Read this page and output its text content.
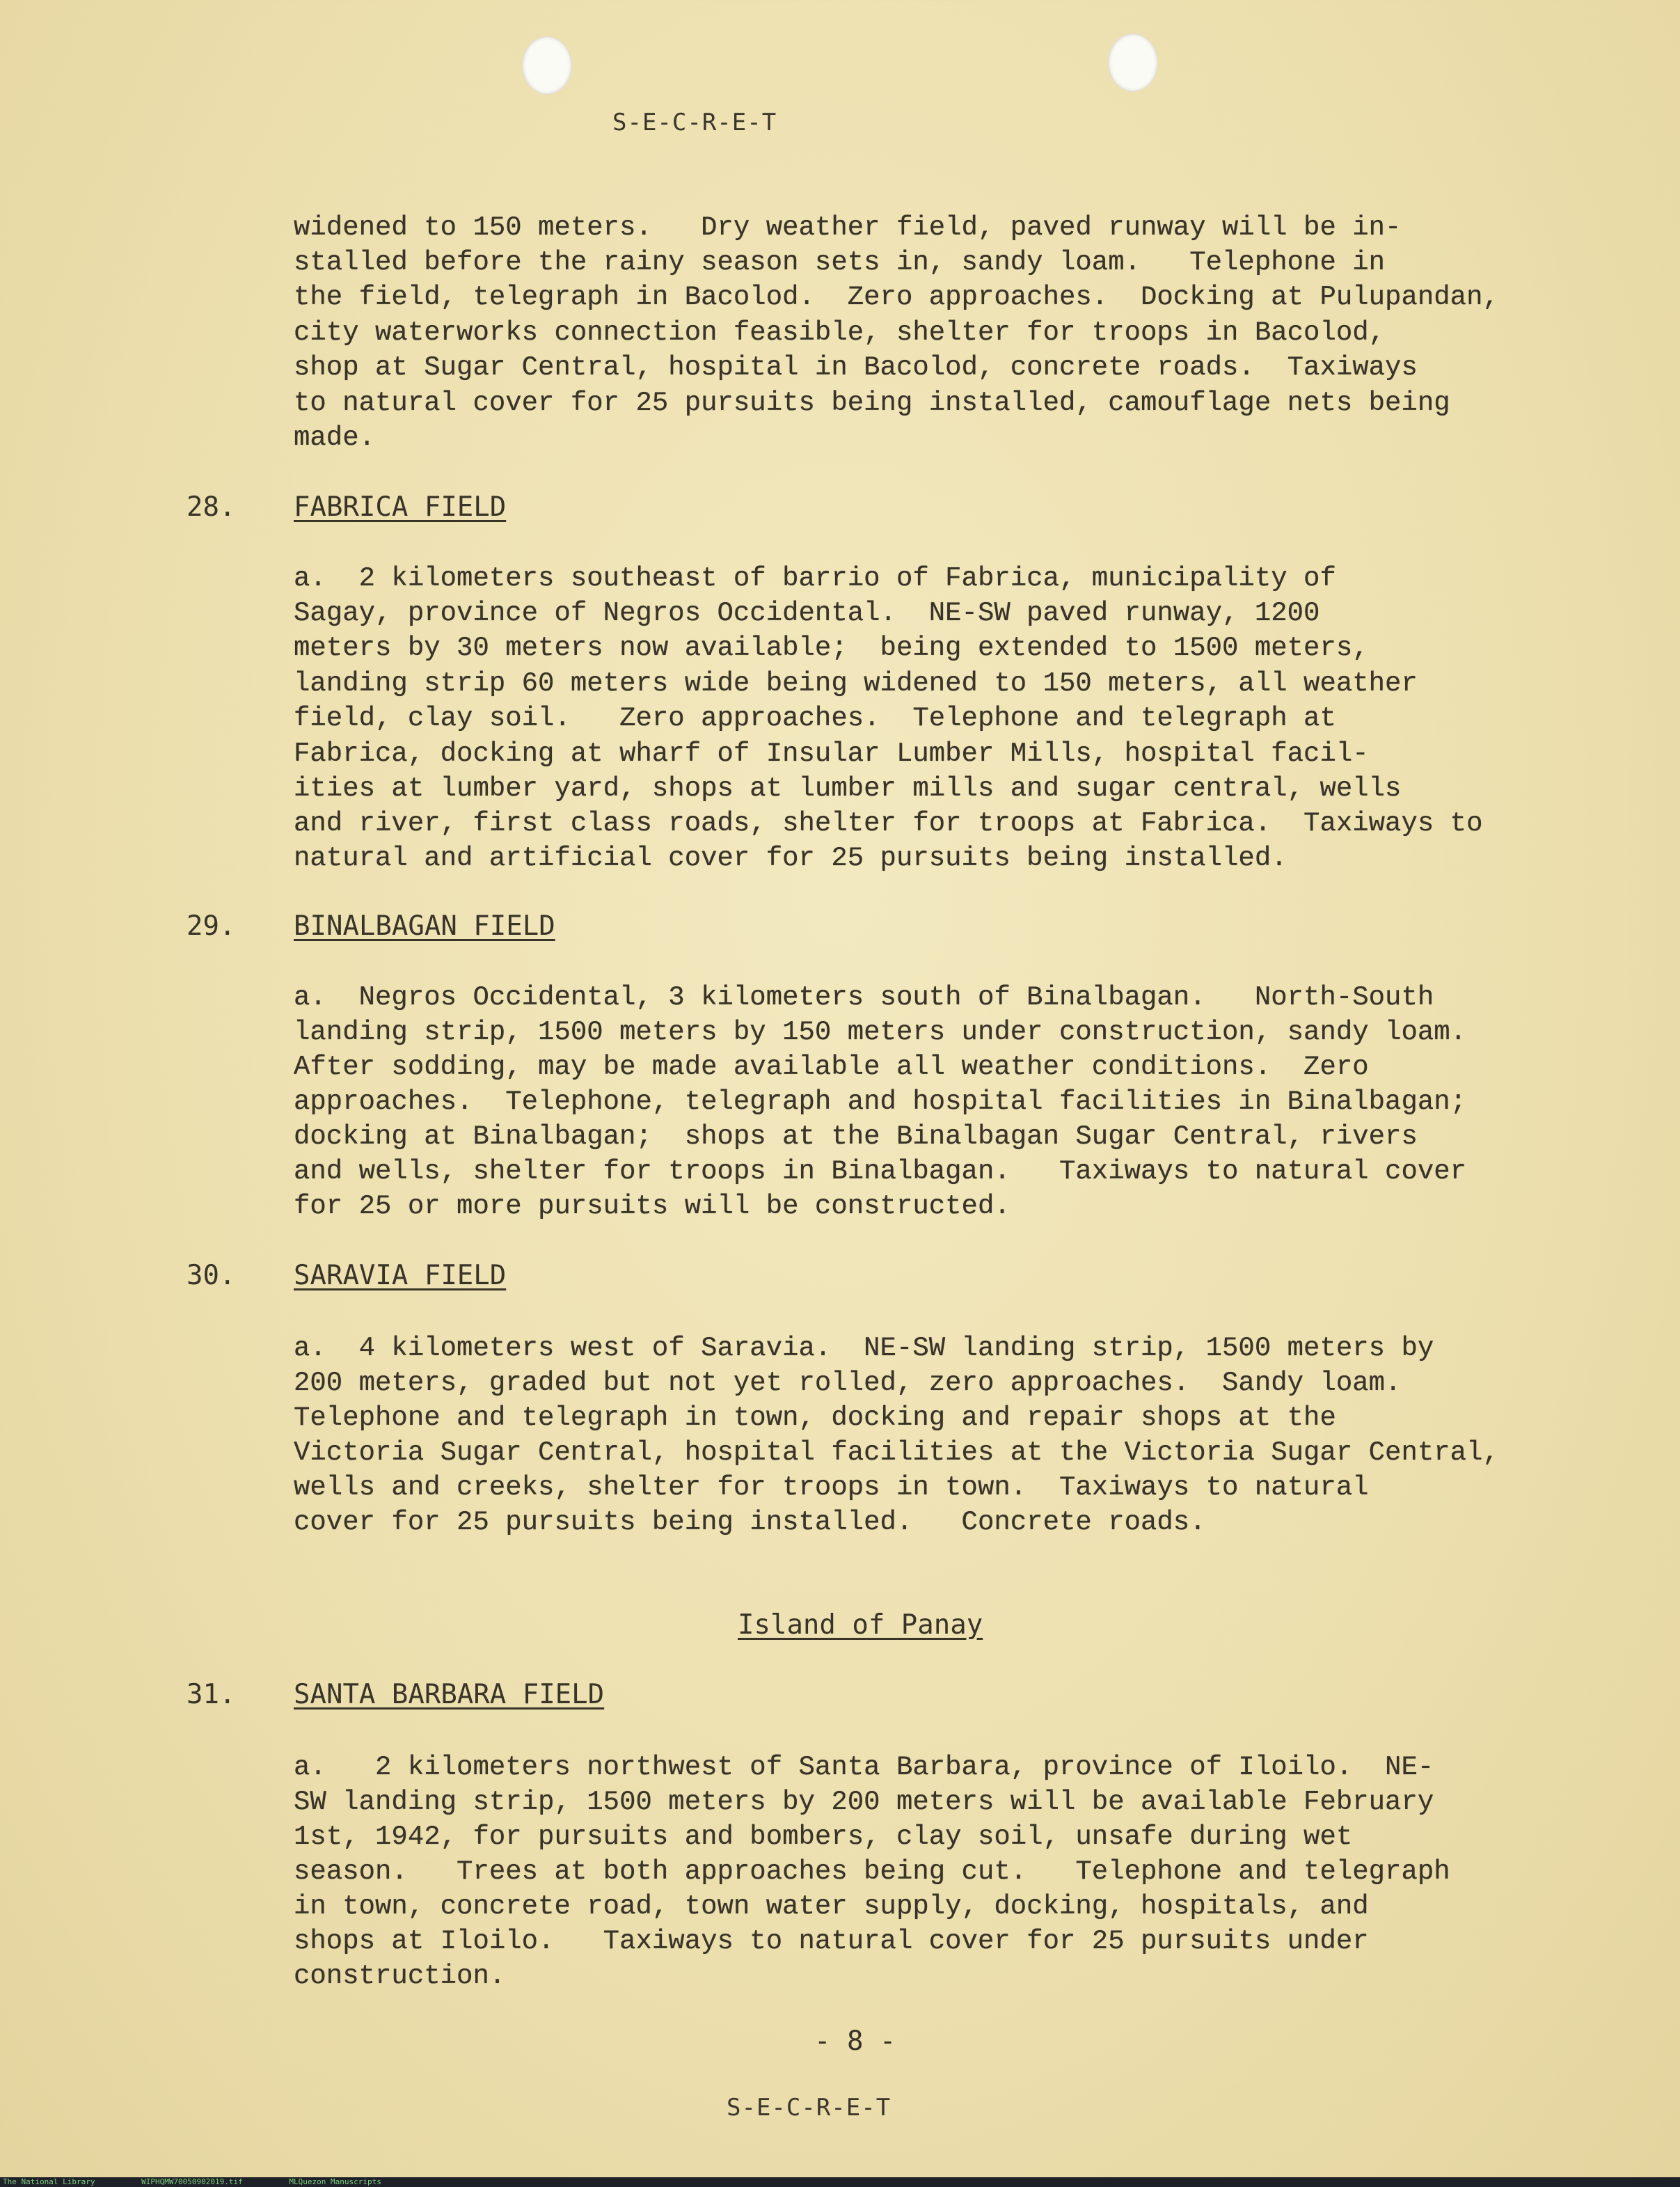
S-E-C-R-E-T
widened to 150 meters.   Dry weather field, paved runway will be in-
stalled before the rainy season sets in, sandy loam.   Telephone in
the field, telegraph in Bacolod.  Zero approaches.  Docking at Pulupandan,
city waterworks connection feasible, shelter for troops in Bacolod,
shop at Sugar Central, hospital in Bacolod, concrete roads.  Taxiways
to natural cover for 25 pursuits being installed, camouflage nets being
made.
28. FABRICA FIELD
a.  2 kilometers southeast of barrio of Fabrica, municipality of
Sagay, province of Negros Occidental.  NE-SW paved runway, 1200
meters by 30 meters now available;  being extended to 1500 meters,
landing strip 60 meters wide being widened to 150 meters, all weather
field, clay soil.   Zero approaches.  Telephone and telegraph at
Fabrica, docking at wharf of Insular Lumber Mills, hospital facil-
ities at lumber yard, shops at lumber mills and sugar central, wells
and river, first class roads, shelter for troops at Fabrica.  Taxiways to
natural and artificial cover for 25 pursuits being installed.
29. BINALBAGAN FIELD
a.  Negros Occidental, 3 kilometers south of Binalbagan.   North-South
landing strip, 1500 meters by 150 meters under construction, sandy loam.
After sodding, may be made available all weather conditions.  Zero
approaches.  Telephone, telegraph and hospital facilities in Binalbagan;
docking at Binalbagan;  shops at the Binalbagan Sugar Central, rivers
and wells, shelter for troops in Binalbagan.   Taxiways to natural cover
for 25 or more pursuits will be constructed.
30. SARAVIA FIELD
a.  4 kilometers west of Saravia.  NE-SW landing strip, 1500 meters by
200 meters, graded but not yet rolled, zero approaches.  Sandy loam.
Telephone and telegraph in town, docking and repair shops at the
Victoria Sugar Central, hospital facilities at the Victoria Sugar Central,
wells and creeks, shelter for troops in town.  Taxiways to natural
cover for 25 pursuits being installed.   Concrete roads.
Island of Panay
31. SANTA BARBARA FIELD
a.   2 kilometers northwest of Santa Barbara, province of Iloilo.  NE-
SW landing strip, 1500 meters by 200 meters will be available February
1st, 1942, for pursuits and bombers, clay soil, unsafe during wet
season.   Trees at both approaches being cut.   Telephone and telegraph
in town, concrete road, town water supply, docking, hospitals, and
shops at Iloilo.   Taxiways to natural cover for 25 pursuits under
construction.
- 8 -
S-E-C-R-E-T
The National Library	WIPHQMW70050902019.tif	MLQuezon Manuscripts
